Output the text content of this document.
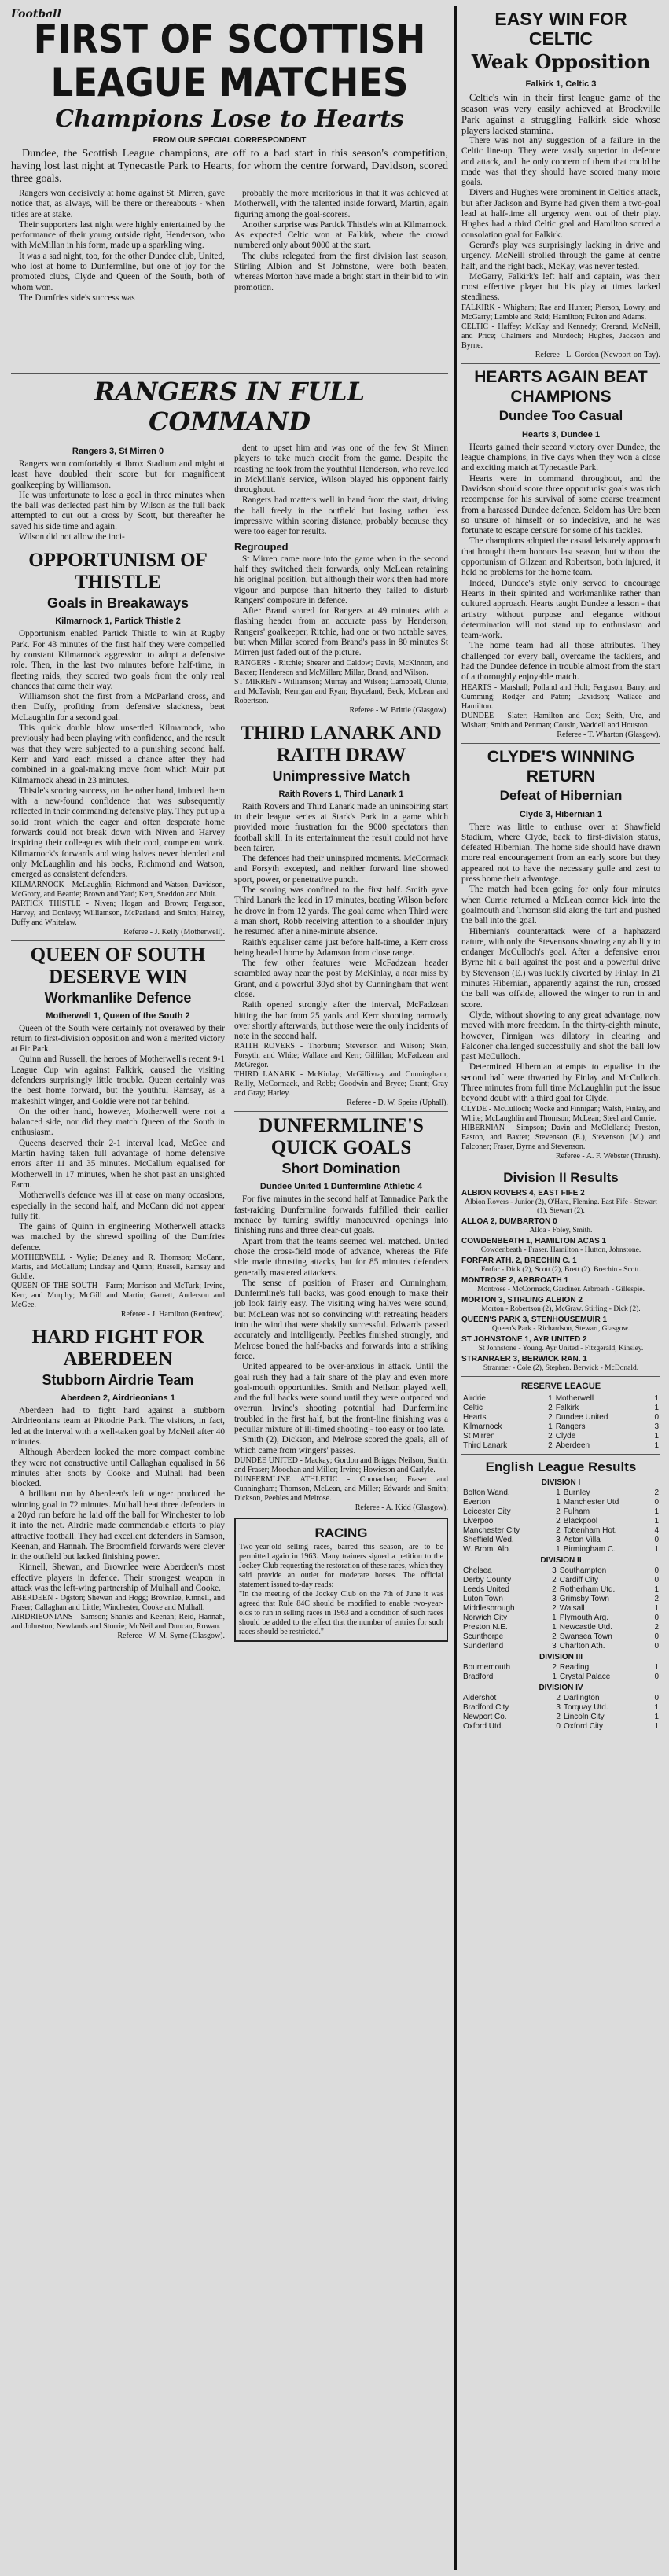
Football
FIRST OF SCOTTISH LEAGUE MATCHES
Champions Lose to Hearts
FROM OUR SPECIAL CORRESPONDENT

Dundee, the Scottish League champions, are off to a bad start in this season's competition, having lost last night at Tynecastle Park to Hearts, for whom the centre forward, Davidson, scored three goals.

Rangers won decisively at home against St. Mirren, gave notice that, as always, will be there or thereabouts - when titles are at stake.

Their supporters last night were highly entertained by the performance of their young outside right, Henderson, who with McMillan in his form, made up a sparkling wing.

It was a sad night, too, for the other Dundee club, United, who lost at home to Dunfermline, but one of joy for the promoted clubs, Clyde and Queen of the South, both of whom won.

The Dumfries side's success was

probably the more meritorious in that it was achieved at Motherwell, with the talented inside forward, Martin, again figuring among the goal-scorers.

Another surprise was Partick Thistle's win at Kilmarnock. As expected Celtic won at Falkirk, where the crowd numbered only about 9000 at the start.

The clubs relegated from the first division last season, Stirling Albion and St Johnstone, were both beaten, whereas Morton have made a bright start in their bid to win promotion.

RANGERS IN FULL COMMAND
Rangers 3, St Mirren 0

Rangers won comfortably at Ibrox Stadium and might at least have doubled their score but for magnificent goalkeeping by Williamson.

He was unfortunate to lose a goal in three minutes when the ball was deflected past him by Wilson as the full back attempted to cut out a cross by Scott, but thereafter he saved his side time and again.

Wilson did not allow the inci-

OPPORTUNISM OF THISTLE
Goals in Breakaways
Kilmarnock 1, Partick Thistle 2

Opportunism enabled Partick Thistle to win at Rugby Park. For 43 minutes of the first half they were compelled by constant Kilmarnock aggression to adopt a defensive role. Then, in the last two minutes before half-time, in fleeting raids, they scored two goals from the only real chances that came their way.

Williamson shot the first from a McParland cross, and then Duffy, profiting from defensive slackness, beat McLaughlin for a second goal.

This quick double blow unsettled Kilmarnock, who previously had been playing with confidence, and the result was that they were subjected to a punishing second half. Kerr and Yard each missed a chance after they had combined in a goal-making move from which Muir put Kilmarnock ahead in 23 minutes.

Thistle's scoring success, on the other hand, imbued them with a new-found confidence that was subsequently reflected in their commanding defensive play. They put up a solid front which the eager and often desperate home forwards could not break down with Niven and Harvey inspiring their colleagues with their cool, competent work. Kilmarnock's forwards and wing halves never blended and only McLaughlin and his backs, Richmond and Watson, emerged as consistent defenders.

KILMARNOCK - McLaughlin; Richmond and Watson; Davidson, McGrory, and Beattie; Brown and Yard; Kerr, Sneddon and Muir.

PARTICK THISTLE - Niven; Hogan and Brown; Ferguson, Harvey, and Donlevy; Williamson, McParland, and Smith; Hainey, Duffy and Whitelaw.

Referee - J. Kelly (Motherwell).

QUEEN OF SOUTH DESERVE WIN
Workmanlike Defence
Motherwell 1, Queen of the South 2

Queen of the South were certainly not overawed by their return to first-division opposition and won a merited victory at Fir Park.

Quinn and Russell, the heroes of Motherwell's recent 9-1 League Cup win against Falkirk, caused the visiting defenders surprisingly little trouble. Queen certainly was the best home forward, but the youthful Ramsay, as a makeshift winger, and Goldie were not far behind.

On the other hand, however, Motherwell were not a balanced side, nor did they match Queen of the South in enthusiasm.

Queens deserved their 2-1 interval lead, McGee and Martin having taken full advantage of home defensive errors after 11 and 35 minutes. McCallum equalised for Motherwell in 17 minutes, when he shot past an unsighted Farm.

Motherwell's defence was ill at ease on many occasions, especially in the second half, and McCann did not appear fully fit.

The gains of Quinn in engineering Motherwell attacks was matched by the shrewd spoiling of the Dumfries defence.

MOTHERWELL - Wylie; Delaney and R. Thomson; McCann, Martis, and McCallum; Lindsay and Quinn; Russell, Ramsay and Goldie.

QUEEN OF THE SOUTH - Farm; Morrison and McTurk; Irvine, Kerr, and Murphy; McGill and Martin; Garrett, Anderson and McGee.

Referee - J. Hamilton (Renfrew).

HARD FIGHT FOR ABERDEEN
Stubborn Airdrie Team
Aberdeen 2, Airdrieonians 1

Aberdeen had to fight hard against a stubborn Airdrieonians team at Pittodrie Park. The visitors, in fact, led at the interval with a well-taken goal by McNeil after 40 minutes.

Although Aberdeen looked the more compact combine they were not constructive until Callaghan equalised in 56 minutes after shots by Cooke and Mulhall had been blocked.

A brilliant run by Aberdeen's left winger produced the winning goal in 72 minutes. Mulhall beat three defenders in a 20yd run before he laid off the ball for Winchester to lob it into the net. Airdrie made commendable efforts to play attractive football. They had excellent defenders in Samson, Keenan, and Hannah. The Broomfield forwards were clever in the outfield but lacked finishing power.

Kinnell, Shewan, and Brownlee were Aberdeen's most effective players in defence. Their strongest weapon in attack was the left-wing partnership of Mulhall and Cooke.

ABERDEEN - Ogston; Shewan and Hogg; Brownlee, Kinnell, and Fraser; Callaghan and Little; Winchester, Cooke and Mulhall.

AIRDRIEONIANS - Samson; Shanks and Keenan; Reid, Hannah, and Johnston; Newlands and Storrie; McNeil and Duncan, Rowan.

Referee - W. M. Syme (Glasgow).

dent to upset him and was one of the few St Mirren players to take much credit from the game. Despite the roasting he took from the youthful Henderson, who revelled in McMillan's service, Wilson played his opponent fairly throughout.

Rangers had matters well in hand from the start, driving the ball freely in the outfield but losing rather less impressive within scoring distance, probably because they were too eager for results.

Regrouped

St Mirren came more into the game when in the second half they switched their forwards, only McLean retaining his original position, but although their work then had more vigour and purpose than hitherto they failed to disturb Rangers' composure in defence.

After Brand scored for Rangers at 49 minutes with a flashing header from an accurate pass by Henderson, Rangers' goalkeeper, Ritchie, had one or two notable saves, but when Millar scored from Brand's pass in 80 minutes St Mirren just faded out of the picture.

RANGERS - Ritchie; Shearer and Caldow; Davis, McKinnon, and Baxter; Henderson and McMillan; Millar, Brand, and Wilson.

ST MIRREN - Williamson; Murray and Wilson; Campbell, Clunie, and McTavish; Kerrigan and Ryan; Bryceland, Beck, McLean and Robertson.

Referee - W. Brittle (Glasgow).

THIRD LANARK AND RAITH DRAW
Unimpressive Match
Raith Rovers 1, Third Lanark 1

Raith Rovers and Third Lanark made an uninspiring start to their league series at Stark's Park in a game which provided more frustration for the 9000 spectators than football skill. In its entertainment the result could not have been fairer.

The defences had their uninspired moments. McCormack and Forsyth excepted, and neither forward line showed sport, power, or penetrative punch.

The scoring was confined to the first half. Smith gave Third Lanark the lead in 17 minutes, beating Wilson before he drove in from 12 yards. The goal came when Third were a man short, Robb receiving attention to a shoulder injury he resumed after a nine-minute absence.

Raith's equaliser came just before half-time, a Kerr cross being headed home by Adamson from close range.

The few other features were McFadzean header scrambled away near the post by McKinlay, a near miss by Grant, and a powerful 30yd shot by Cunningham that went close.

Raith opened strongly after the interval, McFadzean hitting the bar from 25 yards and Kerr shooting narrowly over shortly afterwards, but those were the only incidents of note in the second half.

RAITH ROVERS - Thorburn; Stevenson and Wilson; Stein, Forsyth, and White; Wallace and Kerr; Gilfillan; McFadzean and McGregor.

THIRD LANARK - McKinlay; McGillivray and Cunningham; Reilly, McCormack, and Robb; Goodwin and Bryce; Grant; Gray and Gray; Harley.

Referee - D. W. Speirs (Uphall).

DUNFERMLINE'S QUICK GOALS
Short Domination
Dundee United 1 Dunfermline Athletic 4

For five minutes in the second half at Tannadice Park the fast-raiding Dunfermline forwards fulfilled their earlier menace by turning swiftly manoeuvred openings into finishing runs and three clear-cut goals.

Apart from that the teams seemed well matched. United chose the cross-field mode of advance, whereas the Fife side made thrusting attacks, but for 85 minutes defenders generally mastered attackers.

The sense of position of Fraser and Cunningham, Dunfermline's full backs, was good enough to make their job look fairly easy. The visiting wing halves were sound, but McLean was not so convincing with retreating headers into the wind that were shakily successful. Edwards passed accurately and intelligently. Peebles finished strongly, and Melrose boned the half-backs and forwards into a striking force.

United appeared to be over-anxious in attack. Until the goal rush they had a fair share of the play and even more goal-mouth opportunities. Smith and Neilson played well, and the full backs were sound until they were outpaced and overrun. Irvine's shooting potential had Dunfermline troubled in the first half, but the front-line finishing was a peculiar mixture of ill-timed shooting - too easy or too late.

Smith (2), Dickson, and Melrose scored the goals, all of which came from wingers' passes.

DUNDEE UNITED - Mackay; Gordon and Briggs; Neilson, Smith, and Fraser; Moochan and Miller; Irvine; Howieson and Carlyle.

DUNFERMLINE ATHLETIC - Connachan; Fraser and Cunningham; Thomson, McLean, and Miller; Edwards and Smith; Dickson, Peebles and Melrose.

Referee - A. Kidd (Glasgow).

RACING

Two-year-old selling races, barred this season, are to be permitted again in 1963. Many trainers signed a petition to the Jockey Club requesting the restoration of these races, which they said provide an outlet for moderate horses. The official statement issued to-day reads:

"In the meeting of the Jockey Club on the 7th of June it was agreed that Rule 84C should be modified to enable two-year-olds to run in selling races in 1963 and a condition of such races should be added to the effect that the number of entries for such races should be restricted."

EASY WIN FOR CELTIC
Weak Opposition
Falkirk 1, Celtic 3

Celtic's win in their first league game of the season was very easily achieved at Brockville Park against a struggling Falkirk side whose players lacked stamina.

There was not any suggestion of a failure in the Celtic line-up. They were vastly superior in defence and attack, and the only concern of them that could be made was that they should have scored many more goals.

Divers and Hughes were prominent in Celtic's attack, but after Jackson and Byrne had given them a two-goal lead at half-time all urgency went out of their play. Hughes had a third Celtic goal and Hamilton scored a consolation goal for Falkirk.

Gerard's play was surprisingly lacking in drive and urgency. McNeill strolled through the game at centre half, and the right back, McKay, was never tested.

McGarry, Falkirk's left half and captain, was their most effective player but his play at times lacked steadiness.

FALKIRK - Whigham; Rae and Hunter; Pierson, Lowry, and McGarry; Lambie and Reid; Hamilton; Fulton and Adams.

CELTIC - Haffey; McKay and Kennedy; Crerand, McNeill, and Price; Chalmers and Murdoch; Hughes, Jackson and Byrne.

Referee - L. Gordon (Newport-on-Tay).

HEARTS AGAIN BEAT CHAMPIONS
Dundee Too Casual
Hearts 3, Dundee 1

Hearts gained their second victory over Dundee, the league champions, in five days when they won a close and exciting match at Tynecastle Park.

Hearts were in command throughout, and the Davidson should score three opportunist goals was rich recompense for his survival of some coarse treatment from a harassed Dundee defence. Seldom has Ure been so unsure of himself or so indecisive, and he was fortunate to escape censure for some of his tackles.

The champions adopted the casual leisurely approach that brought them honours last season, but without the opportunism of Gilzean and Robertson, both injured, it held no problems for the home team.

Indeed, Dundee's style only served to encourage Hearts in their spirited and workmanlike rather than cultured approach. Hearts taught Dundee a lesson - that artistry without purpose and elegance without determination will not stand up to enthusiasm and team-work.

The home team had all those attributes. They challenged for every ball, overcame the tacklers, and had the Dundee defence in trouble almost from the start of a thoroughly enjoyable match.

HEARTS - Marshall; Polland and Holt; Ferguson, Barry, and Cumming; Rodger and Paton; Davidson; Wallace and Hamilton.

DUNDEE - Slater; Hamilton and Cox; Seith, Ure, and Wishart; Smith and Penman; Cousin, Waddell and Houston.

Referee - T. Wharton (Glasgow).

CLYDE'S WINNING RETURN
Defeat of Hibernian
Clyde 3, Hibernian 1

There was little to enthuse over at Shawfield Stadium, where Clyde, back to first-division status, defeated Hibernian. The home side should have drawn more real encouragement from an early score but they appeared not to have the necessary guile and zest to press home their advantage.

The match had been going for only four minutes when Currie returned a McLean corner kick into the goalmouth and Thomson slid along the turf and pushed the ball into the goal.

Hibernian's counterattack were of a haphazard nature, with only the Stevensons showing any ability to endanger McCulloch's goal. After a defensive error Byrne hit a ball against the post and a powerful drive by Stevenson (E.) was luckily diverted by Finlay. In 21 minutes Hibernian, apparently against the run, crossed the ball was offside, allowed the winger to run in and score.

Clyde, without showing to any great advantage, now moved with more freedom. In the thirty-eighth minute, however, Finnigan was dilatory in clearing and Falconer challenged successfully and shot the ball low past McCulloch.

Determined Hibernian attempts to equalise in the second half were thwarted by Finlay and McCulloch. Three minutes from full time McLaughlin put the issue beyond doubt with a third goal for Clyde.

CLYDE - McCulloch; Wocke and Finnigan; Walsh, Finlay, and White; McLaughlin and Thomson; McLean; Steel and Currie.

HIBERNIAN - Simpson; Davin and McClelland; Preston, Easton, and Baxter; Stevenson (E.), Stevenson (M.) and Falconer; Fraser, Byrne and Stevenson.

Referee - A. F. Webster (Thrush).

Division II Results
ALBION ROVERS 4, EAST FIFE 2
Albion Rovers - Junior (2), O'Hara, Fleming. East Fife - Stewart (1), Stewart (2).
ALLOA 2, DUMBARTON 0
Alloa - Foley, Smith.
COWDENBEATH 1, HAMILTON ACAS 1
Cowdenbeath - Fraser. Hamilton - Hutton, Johnstone.
FORFAR ATH. 2, BRECHIN C. 1
Forfar - Dick (2), Scott (2), Brett (2). Brechin - Scott.
MONTROSE 2, ARBROATH 1
Montrose - McCormack, Gardiner. Arbroath - Gillespie.
MORTON 3, STIRLING ALBION 2
Morton - Robertson (2), McGraw. Stirling - Dick (2).
QUEEN'S PARK 3, STENHOUSEMUIR 1
Queen's Park - Richardson, Stewart, Glasgow.
ST JOHNSTONE 1, AYR UNITED 2
St Johnstone - Young. Ayr United - Fitzgerald, Kinsley.
STRANRAER 3, BERWICK RAN. 1
Stranraer - Cole (2), Stephen. Berwick - McDonald.
RESERVE LEAGUE
Airdrie	1	Motherwell	1
Celtic	2	Falkirk	1
Hearts	2	Dundee United	0
Kilmarnock	1	Rangers	3
St Mirren	2	Clyde	1
Third Lanark	2	Aberdeen	1
English League Results
DIVISION I
Bolton Wand.	1	Burnley	2
Everton	1	Manchester Utd	0
Leicester City	2	Fulham	1
Liverpool	2	Blackpool	1
Manchester City	2	Tottenham Hot.	4
Sheffield Wed.	3	Aston Villa	0
W. Brom. Alb.	1	Birmingham C.	1
DIVISION II
Chelsea	3	Southampton	0
Derby County	2	Cardiff City	0
Leeds United	2	Rotherham Utd.	1
Luton Town	3	Grimsby Town	2
Middlesbrough	2	Walsall	1
Norwich City	1	Plymouth Arg.	0
Preston N.E.	1	Newcastle Utd.	2
Scunthorpe	2	Swansea Town	0
Sunderland	3	Charlton Ath.	0
DIVISION III
Bournemouth	2	Reading	1
Bradford	1	Crystal Palace	0
DIVISION IV
Aldershot	2	Darlington	0
Bradford City	3	Torquay Utd.	1
Newport Co.	2	Lincoln City	1
Oxford Utd.	0	Oxford City	1
